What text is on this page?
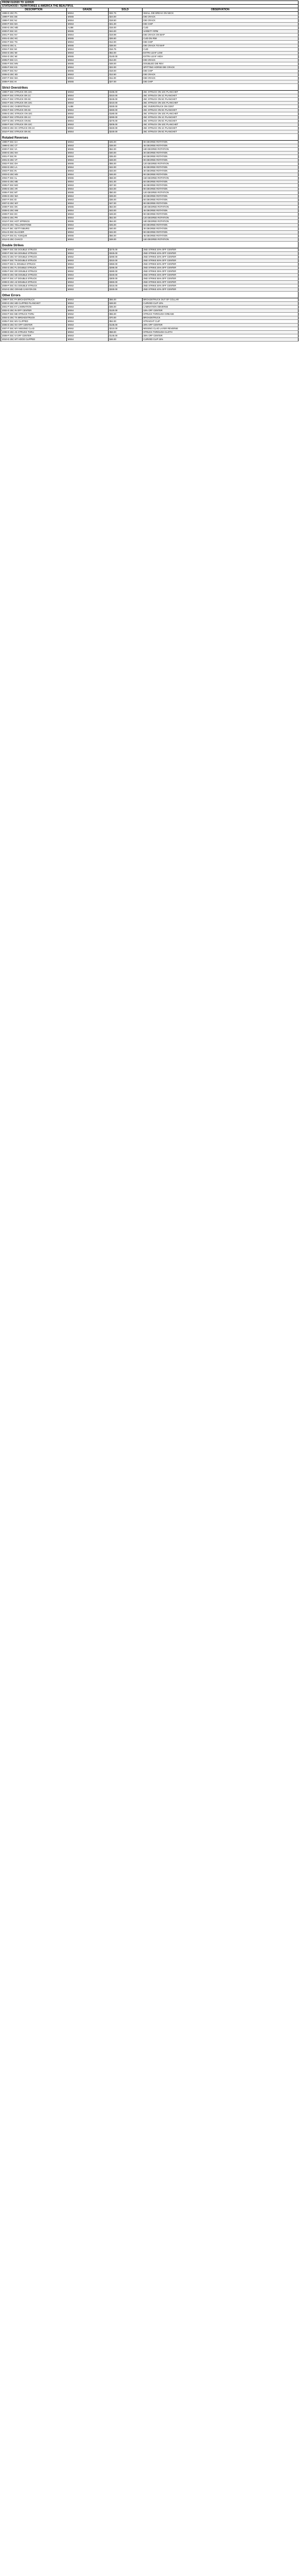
FROM 01/2020 TO 12/2020
STATEHOOD / TERRITORIES & AMERICA THE BEAUTIFUL
DESCRIPTION	GRADE	SOLD	OBSERVATION
1999-D 25C PA	MS64	$32.75	SMALL DIE BREAK ON NECK
1999-P 25C DE	MS65	$24.00	DIE CRACK
1999-P 25C NJ	MS64	$18.50	DIE CRACK
2000-P 25C MA	MS63	$21.00	DIE CHIP
2000-D 25C MD	AU58	$15.00	CUD
2000-P 25C SC	MS65	$44.00	VARIETY RPM
2001-P 25C NY	MS64	$19.99	DIE CRACK ON MAP
2001-D 25C NC	MS65	$26.50	CUD ON RIM
2002-P 25C TN	MS64	$12.00	DIE CHIP
2003-D 25C IL	MS65	$38.00	DIE CRACK TO MAP
2004-P 25C MI	MS64	$16.75	CUD
2004-D 25C WI	MS63	$52.00	EXTRA LEAF LOW
2004-D 25C WI	MS65	$140.00	EXTRA LEAF HIGH
2005-P 25C CA	MS64	$14.00	DIE CRACK
2005-P 25C MN	MS65	$48.00	DOUBLED DIE REV
2005-P 25C KS	MS64	$22.00	SPITTING HORSE DIE CRACK
2006-P 25C NV	MS65	$18.00	DIE CHIP
2006-D 25C SD	MS63	$12.50	DIE CRACK
2007-P 25C WA	MS64	$11.00	DIE CRACK
2008-P 25C HI	MS65	$27.00	DIE CHIP
Strict Overstrikes
1999-P 25C STRUCK ON 10C	MS63	$195.00	25C STRUCK ON 10C PLANCHET
2000-P 25C STRUCK ON 1C	MS64	$310.00	25C STRUCK ON 1C PLANCHET
2001-P 25C STRUCK ON 5C	MS62	$245.00	25C STRUCK ON 5C PLANCHET
2002-P 25C STRUCK ON 10C	MS63	$210.00	25C STRUCK ON 10C PLANCHET
2003-D 25C OVERSTRUCK	AU58	$330.00	25C OVERSTRUCK ON CENT
2004-P 25C STRUCK ON 5C	MS64	$260.00	25C STRUCK ON 5C PLANCHET
2005-D 25C STRUCK ON 10C	MS62	$180.00	25C STRUCK ON 10C PLANCHET
2006-P 25C STRUCK ON 1C	MS63	$290.00	25C STRUCK ON 1C PLANCHET
2007-D 25C STRUCK ON 5C	MS64	$275.00	25C STRUCK ON 5C PLANCHET
2008-P 25C STRUCK ON 10C	MS63	$205.00	25C STRUCK ON 10C PLANCHET
2009-D 25C DC STRUCK ON 1C	MS62	$340.00	25C STRUCK ON 1C PLANCHET
2010-P 25C STRUCK ON 5C	MS64	$230.00	25C STRUCK ON 5C PLANCHET
Rotated Reverses
1999-P 25C GA	MS64	$45.00	90 DEGREE ROTATION
1999-D 25C CT	MS63	$38.00	45 DEGREE ROTATION
2000-P 25C VA	MS65	$62.00	180 DEGREE ROTATION
2000-D 25C NH	MS64	$40.00	30 DEGREE ROTATION
2001-P 25C RI	MS63	$35.00	60 DEGREE ROTATION
2001-D 25C VT	MS64	$48.00	90 DEGREE ROTATION
2002-P 25C OH	MS65	$55.00	120 DEGREE ROTATION
2002-D 25C LA	MS64	$42.00	45 DEGREE ROTATION
2003-P 25C IN	MS63	$33.00	30 DEGREE ROTATION
2003-D 25C MS	MS64	$46.00	90 DEGREE ROTATION
2004-P 25C AL	MS65	$58.00	150 DEGREE ROTATION
2004-D 25C ME	MS64	$41.00	60 DEGREE ROTATION
2005-P 25C MO	MS63	$37.00	45 DEGREE ROTATION
2005-D 25C AR	MS64	$44.00	90 DEGREE ROTATION
2006-P 25C MT	MS65	$50.00	120 DEGREE ROTATION
2006-D 25C WA	MS64	$39.00	30 DEGREE ROTATION
2007-P 25C ID	MS63	$36.00	60 DEGREE ROTATION
2007-D 25C WY	MS64	$47.00	90 DEGREE ROTATION
2008-P 25C OK	MS65	$53.00	180 DEGREE ROTATION
2008-D 25C NM	MS64	$43.00	45 DEGREE ROTATION
2009-P 25C DC	MS63	$49.00	90 DEGREE ROTATION
2009-D 25C PR	MS64	$52.00	120 DEGREE ROTATION
2010-P 25C HOT SPRINGS	MS65	$64.00	180 DEGREE ROTATION
2010-D 25C YELLOWSTONE	MS64	$45.00	60 DEGREE ROTATION
2011-P 25C GETTYSBURG	MS63	$40.00	30 DEGREE ROTATION
2011-D 25C GLACIER	MS64	$42.00	90 DEGREE ROTATION
2012-P 25C EL YUNQUE	MS65	$56.00	45 DEGREE ROTATION
2012-D 25C CHACO	MS64	$48.00	150 DEGREE ROTATION
Double Strikes
1999-P 25C DE DOUBLE STRUCK	MS63	$275.00	2ND STRIKE 20% OFF CENTER
2000-P 25C MA DOUBLE STRUCK	MS64	$325.00	2ND STRIKE 40% OFF CENTER
2001-D 25C NY DOUBLE STRUCK	MS62	$290.00	2ND STRIKE 30% OFF CENTER
2002-P 25C TN DOUBLE STRUCK	MS63	$310.00	2ND STRIKE 50% OFF CENTER
2003-P 25C IL DOUBLE STRUCK	MS64	$350.00	2ND STRIKE 60% OFF CENTER
2004-D 25C FL DOUBLE STRUCK	MS63	$295.00	2ND STRIKE 25% OFF CENTER
2005-P 25C OR DOUBLE STRUCK	MS62	$280.00	2ND STRIKE 35% OFF CENTER
2006-D 25C NE DOUBLE STRUCK	MS64	$340.00	2ND STRIKE 45% OFF CENTER
2007-P 25C UT DOUBLE STRUCK	MS63	$300.00	2ND STRIKE 55% OFF CENTER
2008-D 25C AZ DOUBLE STRUCK	MS64	$360.00	2ND STRIKE 65% OFF CENTER
2009-P 25C GU DOUBLE STRUCK	MS62	$315.00	2ND STRIKE 30% OFF CENTER
2010-D 25C GRAND CANYON DS	MS63	$330.00	2ND STRIKE 40% OFF CENTER
Other Errors
1999-P 25C PA BROADSTRUCK	MS63	$65.00	BROADSTRUCK OUT OF COLLAR
2000-D 25C MD CLIPPED PLANCHET	MS64	$48.00	CURVED CLIP 10%
2001-P 25C KY LAMINATION	MS63	$35.00	LAMINATION OBVERSE
2002-D 25C IN OFF CENTER	MS64	$120.00	15% OFF CENTER
2003-P 25C ME STRUCK THRU	MS62	$55.00	STRUCK THROUGH GREASE
2004-D 25C TX BROADSTRUCK	MS63	$70.00	BROADSTRUCK
2005-P 25C WV CLIPPED	MS64	$52.00	STRAIGHT CLIP
2006-D 25C NV OFF CENTER	MS63	$135.00	20% OFF CENTER
2007-P 25C WY MISSING CLAD	MS62	$210.00	MISSING CLAD LAYER REVERSE
2008-D 25C AK STRUCK THRU	MS64	$58.00	STRUCK THROUGH CLOTH
2009-P 25C VI OFF CENTER	MS63	$145.00	25% OFF CENTER
2010-D 25C MT HOOD CLIPPED	MS64	$46.00	CURVED CLIP 15%
